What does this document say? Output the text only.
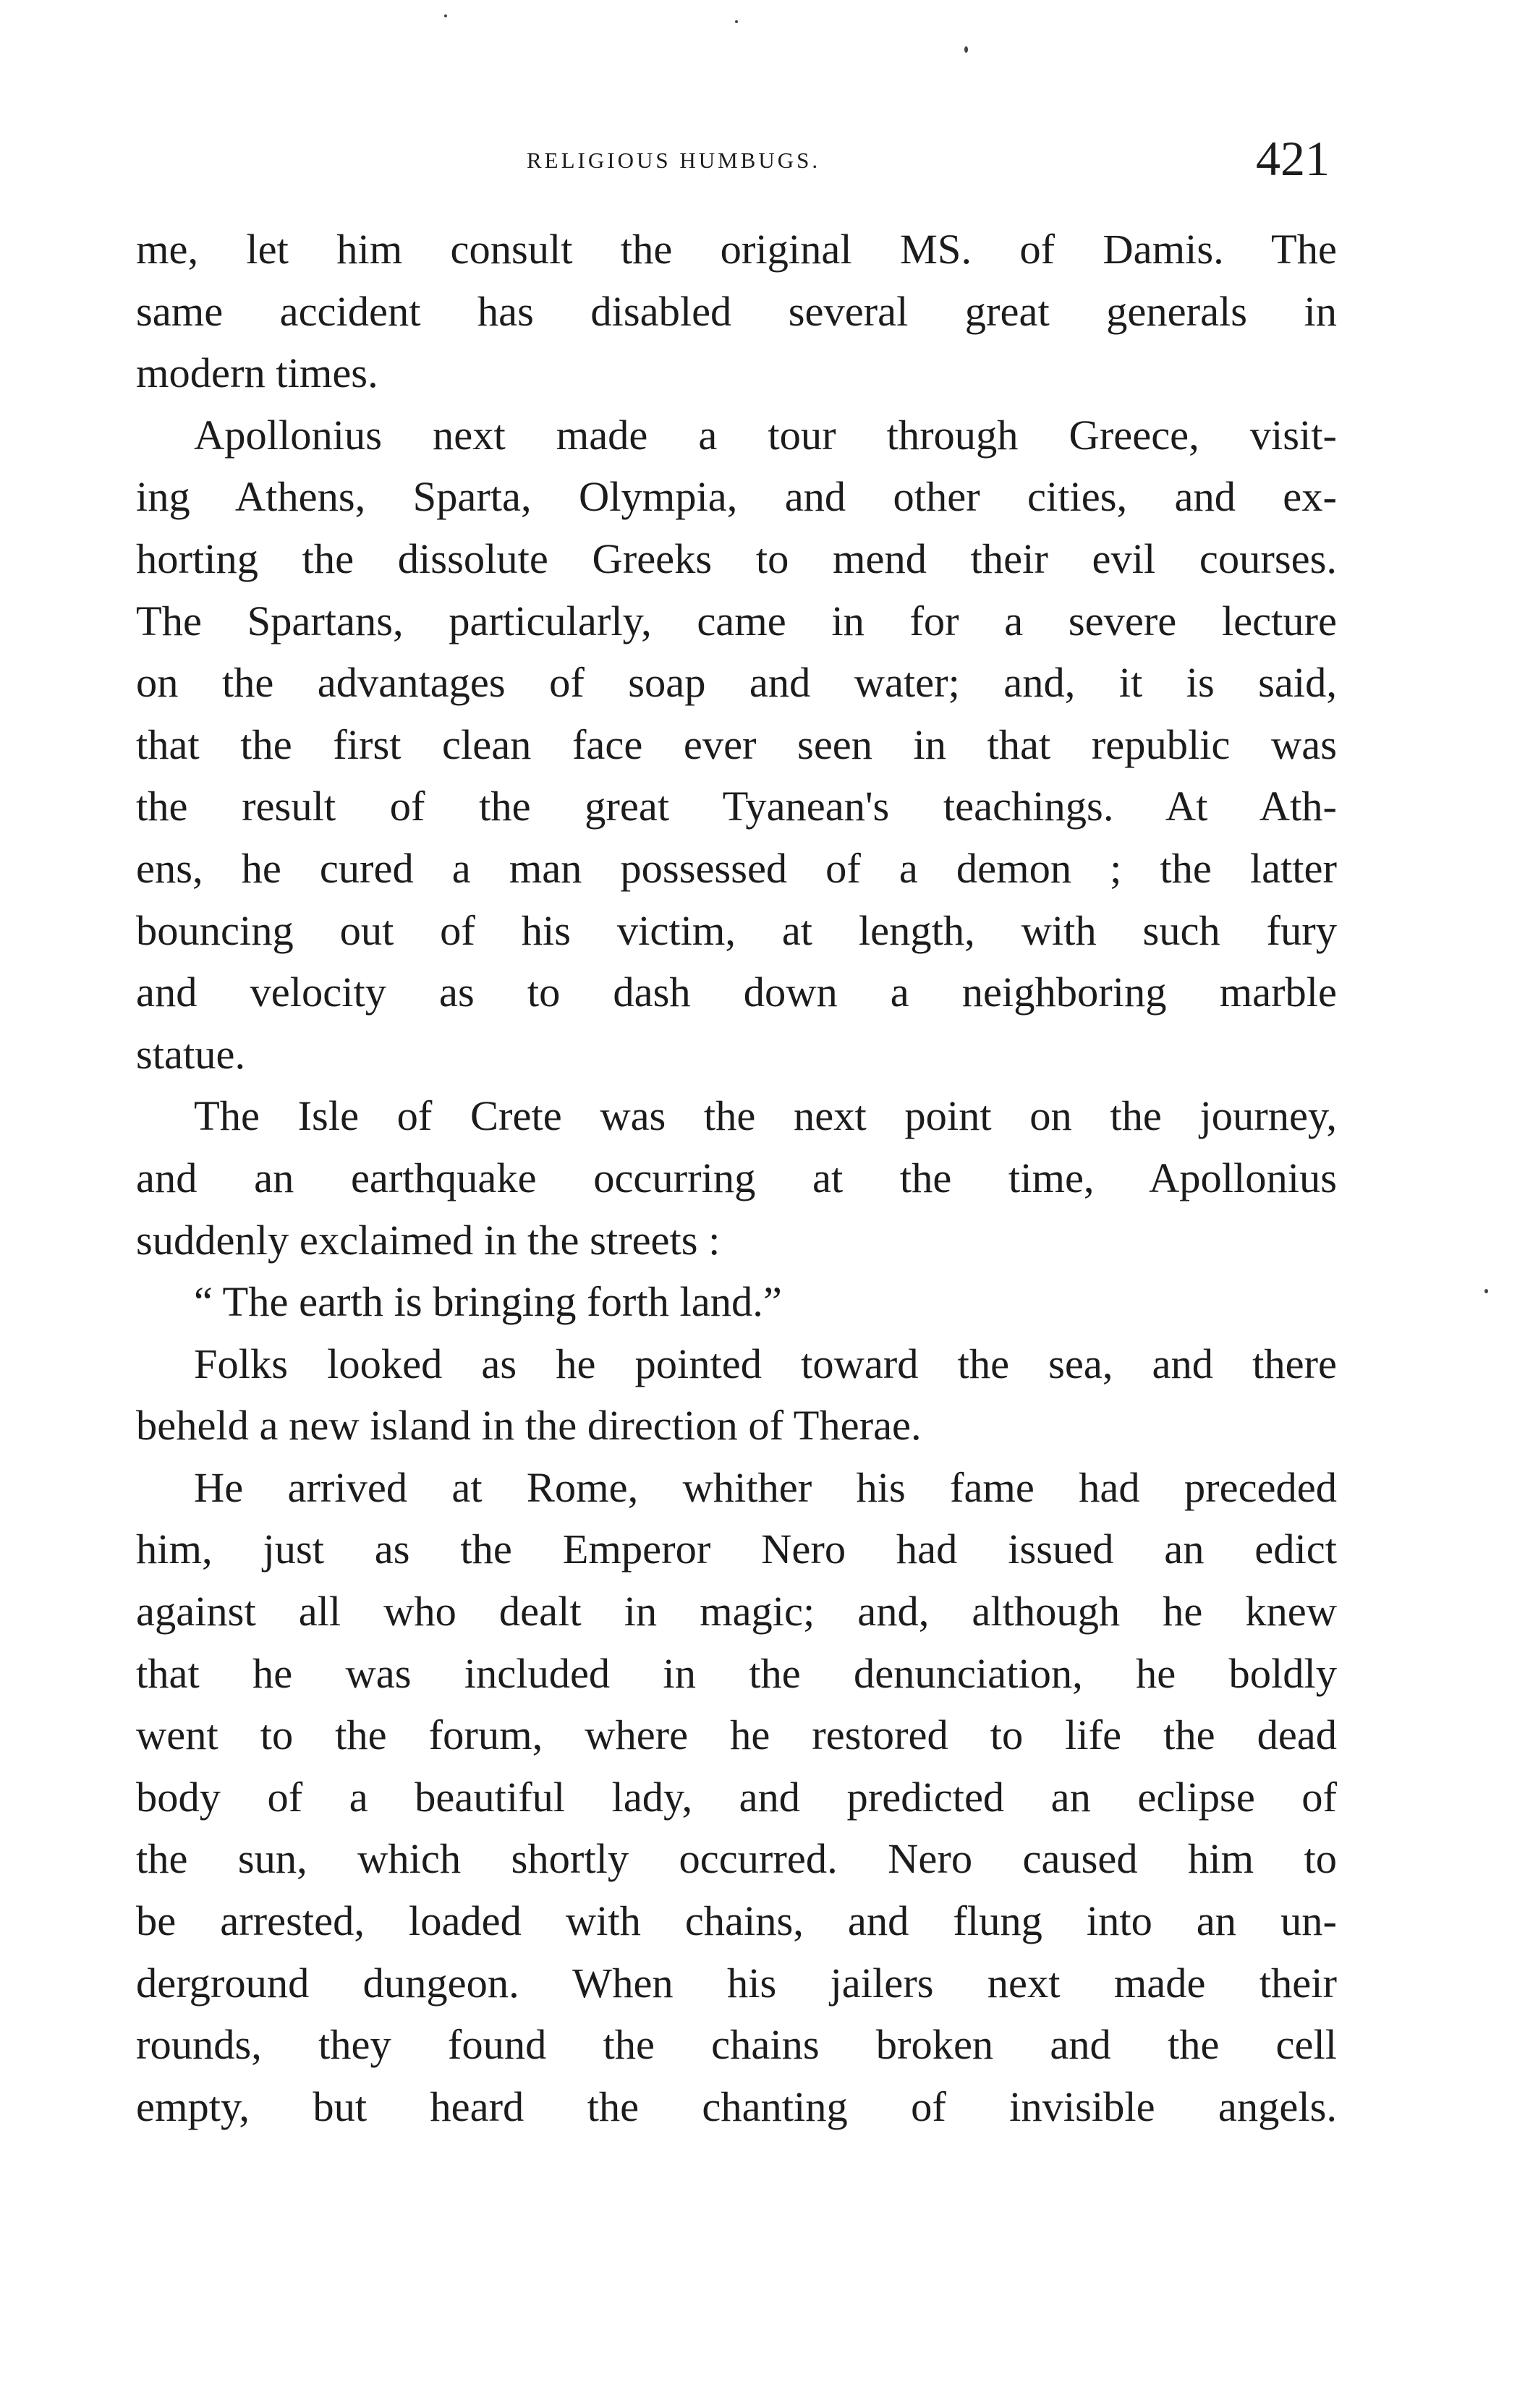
religious humbugs.	421
me, let him consult the original MS. of Damis. The
same accident has disabled several great generals in
modern times.
Apollonius next made a tour through Greece, visit-
ing Athens, Sparta, Olympia, and other cities, and ex-
horting the dissolute Greeks to mend their evil courses.
The Spartans, particularly, came in for a severe lecture
on the advantages of soap and water; and, it is said,
that the first clean face ever seen in that republic was
the result of the great Tyanean's teachings. At Ath-
ens, he cured a man possessed of a demon ; the latter
bouncing out of his victim, at length, with such fury
and velocity as to dash down a neighboring marble
statue.
The Isle of Crete was the next point on the journey,
and an earthquake occurring at the time, Apollonius
suddenly exclaimed in the streets :
“ The earth is bringing forth land.”
Folks looked as he pointed toward the sea, and there
beheld a new island in the direction of Therae.
He arrived at Rome, whither his fame had preceded
him, just as the Emperor Nero had issued an edict
against all who dealt in magic; and, although he knew
that he was included in the denunciation, he boldly
went to the forum, where he restored to life the dead
body of a beautiful lady, and predicted an eclipse of
the sun, which shortly occurred. Nero caused him to
be arrested, loaded with chains, and flung into an un-
derground dungeon. When his jailers next made their
rounds, they found the chains broken and the cell
empty, but heard the chanting of invisible angels.
